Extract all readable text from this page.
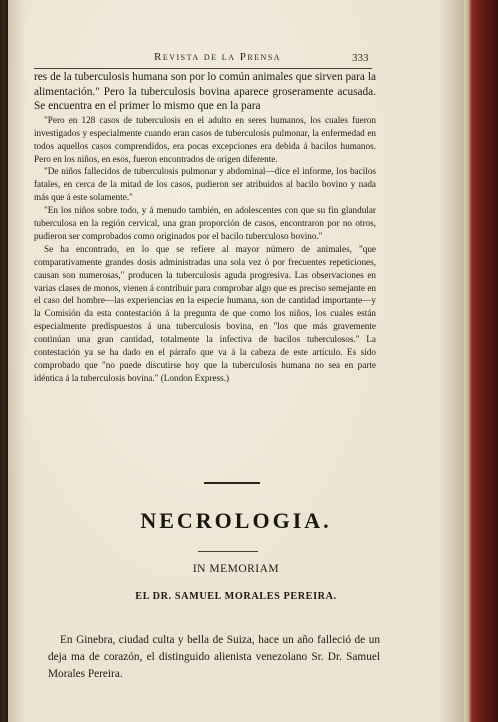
Revista de la Prensa	333

res de la tuberculosis humana son por lo común animales que sirven para la alimentación." Pero la tuberculosis bovina aparece groseramente acusada. Se encuentra en el primer lo mismo que en la para

"Pero en 128 casos de tuberculosis en el adulto en seres humanos, los cuales fueron investigados y especialmente cuando eran casos de tuberculosis pulmonar, la enfermedad en todos aquellos casos comprendidos, era pocas excepciones era debida á bacilos humanos. Pero en los niños, en esos, fueron encontrados de origen diferente.

"De niños fallecidos de tuberculosis pulmonar y abdominal—dice el informe, los bacilos fatales, en cerca de la mitad de los casos, pudieron ser atribuidos al bacilo bovino y nada más que á este solamente."

"En los niños sobre todo, y á menudo también, en adolescentes con que su fin glandular tuberculosa en la región cervical, una gran proporción de casos, encontraron por no otros, pudieron ser comprobados como originados por el bacilo tuberculoso bovino."

Se ha encontrado, en lo que se refiere al mayor número de animales, "que comparativamente grandes dosis administradas una sola vez ó por frecuentes repeticiones, causan son numerosas," producen la tuberculosis aguda progresiva. Las observaciones en varias clases de monos, vienen á contribuir para comprobar algo que es preciso semejante en el caso del hombre—las experiencias en la especie humana, son de cantidad importante—y la Comisión da esta contestación á la pregunta de que como los niños, los cuales están especialmente predispuestos á una tuberculosis bovina, en "los que más gravemente continúan una gran cantidad, totalmente la infectiva de bacilos tuberculosos." La contestación ya se ha dado en el párrafo que va á la cabeza de este artículo. Es sido comprobado que "no puede discutirse hoy que la tuberculosis humana no sea en parte idéntica á la tuberculosis bovina." (London Express.)

NECROLOGIA.
IN MEMORIAM
EL DR. SAMUEL MORALES PEREIRA.

En Ginebra, ciudad culta y bella de Suiza, hace un año falleció de un deja ma de corazón, el distinguido alienista venezolano Sr. Dr. Samuel Morales Pereira.
